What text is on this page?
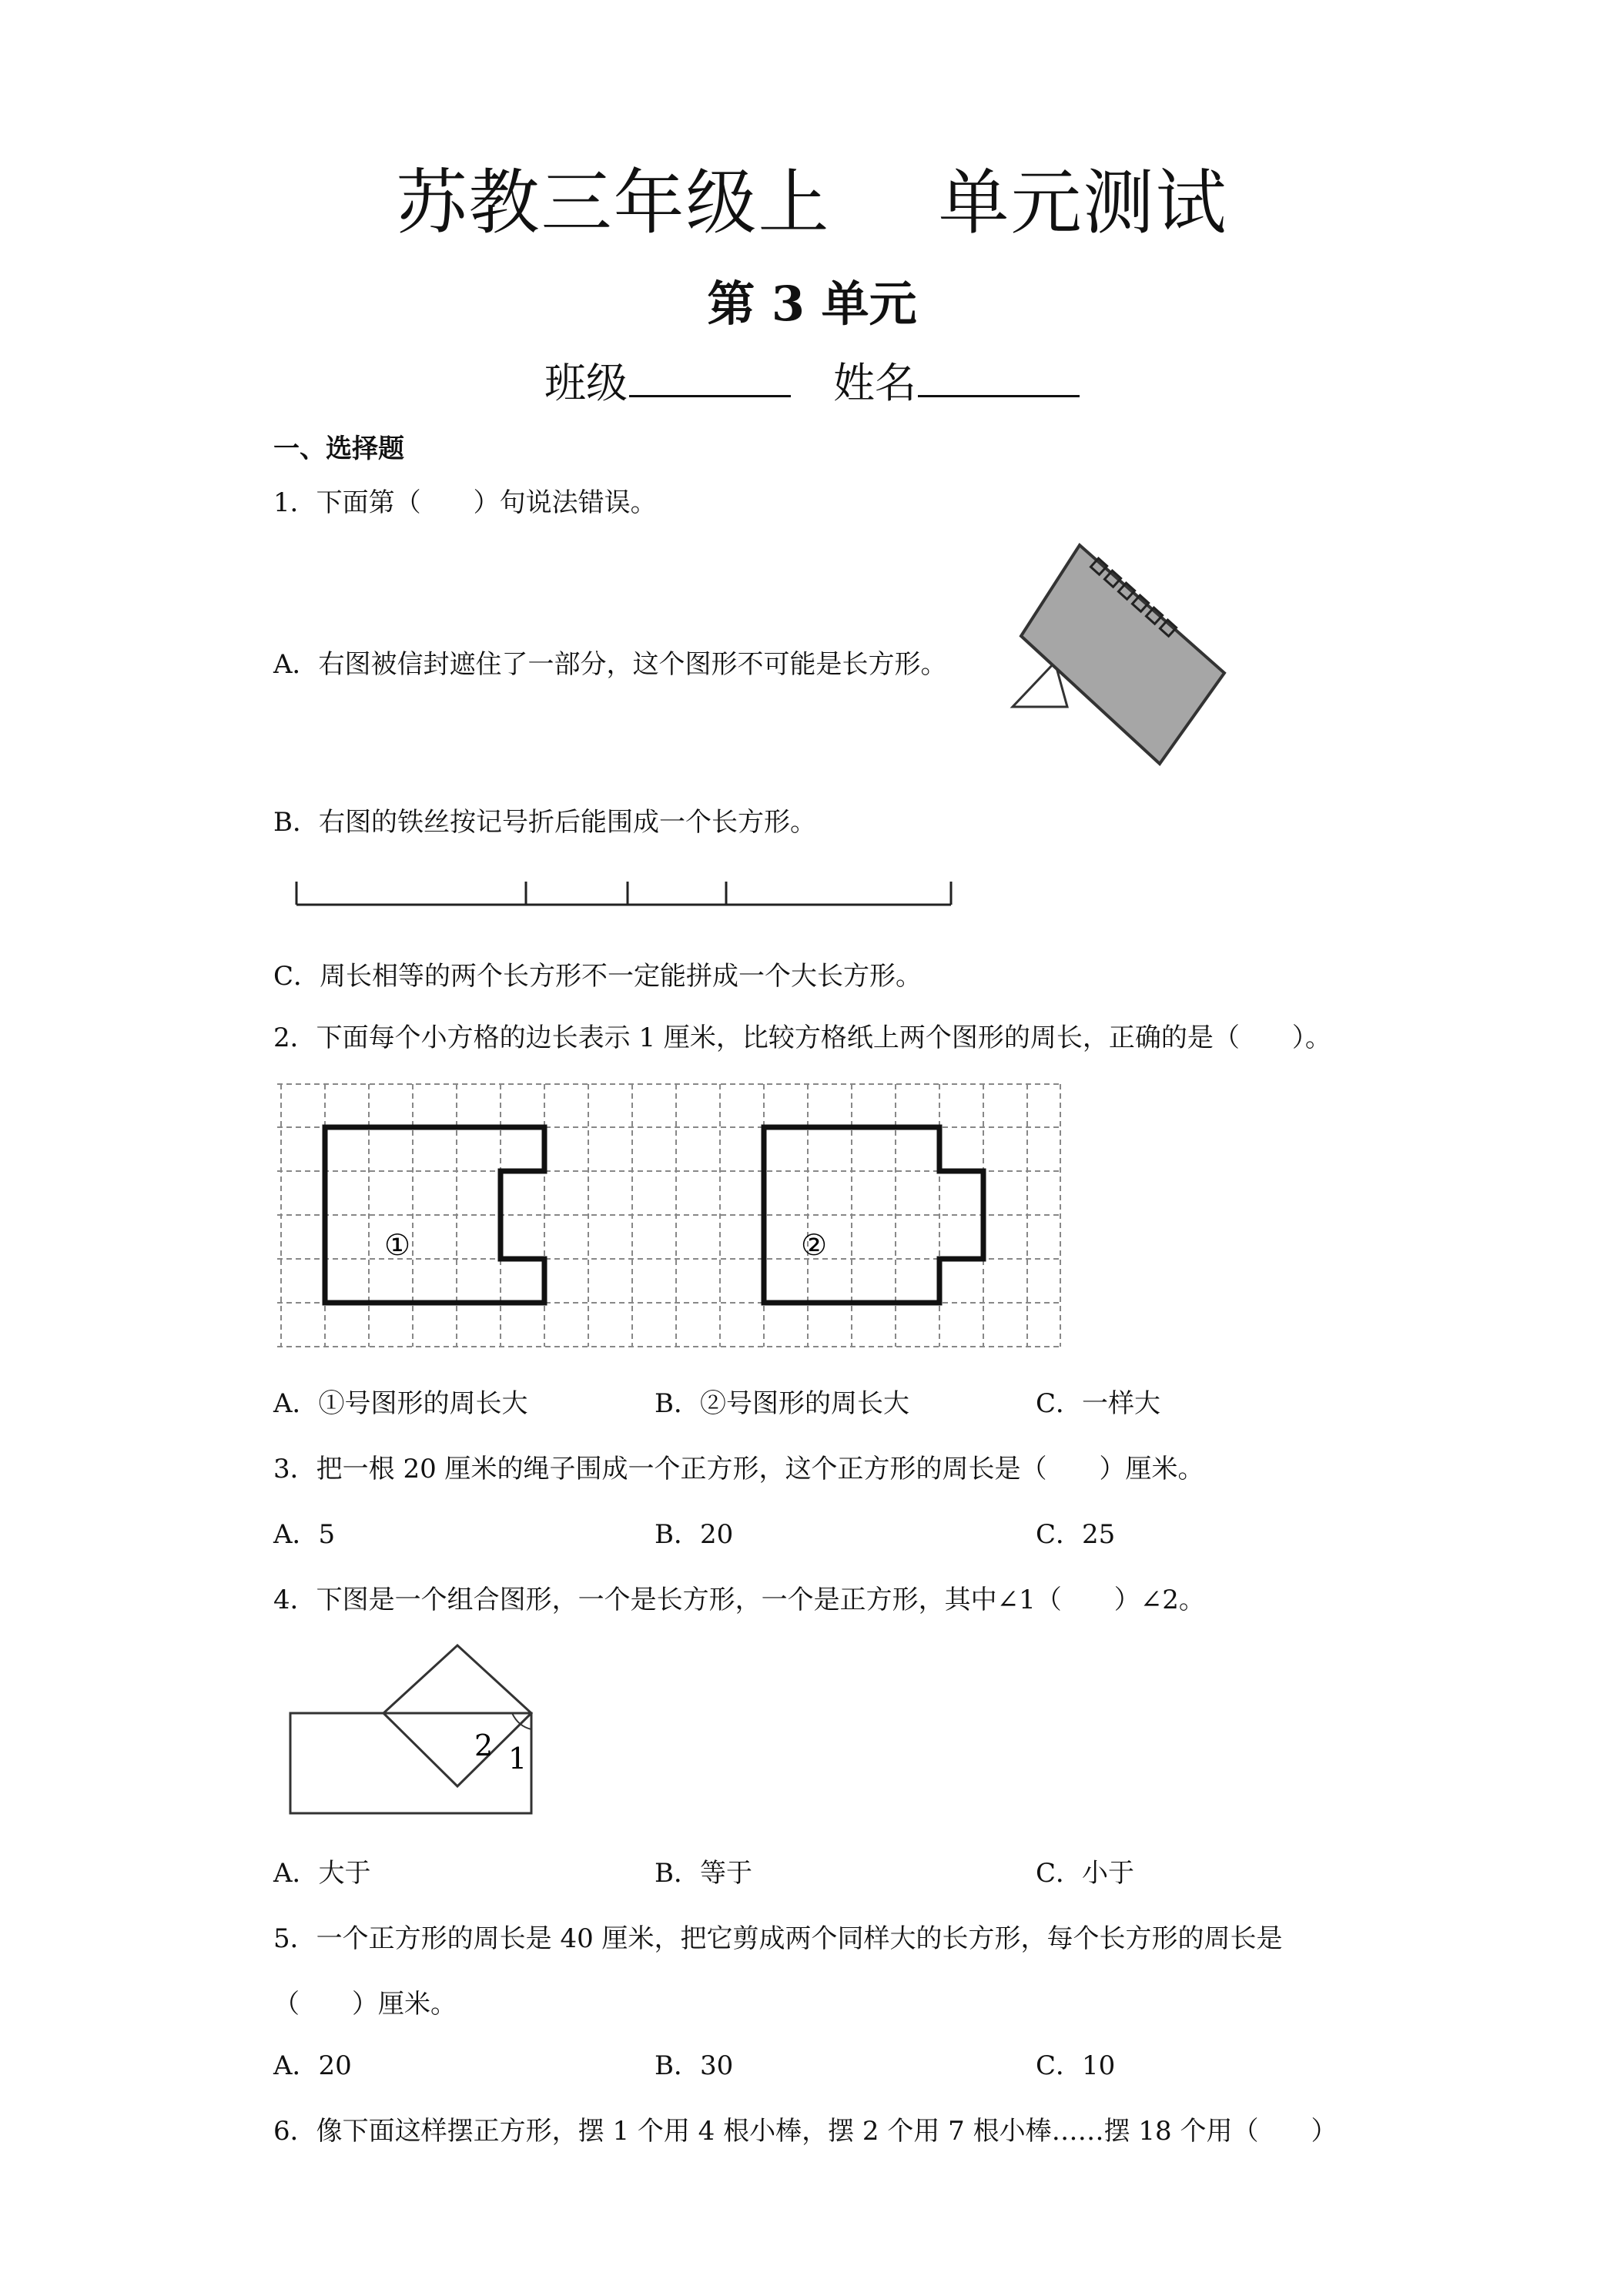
苏教三年级上 单元测试
第 3 单元
班级	姓名
一、选择题
1．下面第（　　）句说法错误。
A．右图被信封遮住了一部分，这个图形不可能是长方形。
B．右图的铁丝按记号折后能围成一个长方形。
C．周长相等的两个长方形不一定能拼成一个大长方形。
2．下面每个小方格的边长表示 1 厘米，比较方格纸上两个图形的周长，正确的是（　　）。
①	②
A．①号图形的周长大	B．②号图形的周长大	C．一样大
3．把一根 20 厘米的绳子围成一个正方形，这个正方形的周长是（　　）厘米。
A．5	B．20	C．25
4．下图是一个组合图形，一个是长方形，一个是正方形，其中∠1（　　）∠2。
2 1
A．大于	B．等于	C．小于
5．一个正方形的周长是 40 厘米，把它剪成两个同样大的长方形，每个长方形的周长是
（　　）厘米。
A．20	B．30	C．10
6．像下面这样摆正方形，摆 1 个用 4 根小棒，摆 2 个用 7 根小棒……摆 18 个用（　　）
